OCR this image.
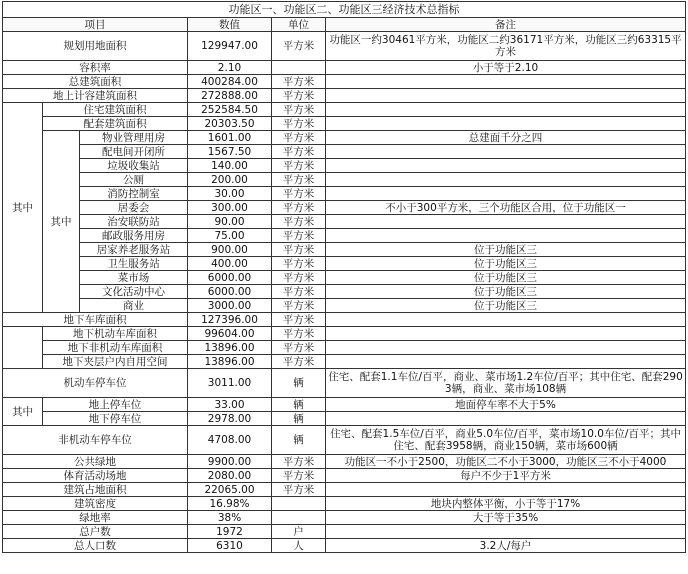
功能区一、功能区二、功能区三经济技术总指标					
项目			数值	单位	备注
规划用地面积			129947.00	平方米	功能区一约30461平方米，功能区二约36171平方米，功能区三约63315平方米
容积率			2.10		小于等于2.10
总建筑面积			400284.00	平方米	
地上计容建筑面积			272888.00	平方米	
其中	住宅建筑面积		252584.50	平方米	
	配套建筑面积		20303.50	平方米	
	其中	物业管理用房	1601.00	平方米	总建面千分之四
		配电间开闭所	1567.50	平方米	
		垃圾收集站	140.00	平方米	
		公厕	200.00	平方米	
		消防控制室	30.00	平方米	
		居委会	300.00	平方米	不小于300平方米，三个功能区合用，位于功能区一
		治安联防站	90.00	平方米	
		邮政服务用房	75.00	平方米	
		居家养老服务站	900.00	平方米	位于功能区三
		卫生服务站	400.00	平方米	位于功能区三
		菜市场	6000.00	平方米	位于功能区三
		文化活动中心	6000.00	平方米	位于功能区三
		商业	3000.00	平方米	位于功能区三
地下车库面积			127396.00	平方米	
	地下机动车库面积		99604.00	平方米	
	地下非机动车库面积		13896.00	平方米	
	地下夹层户内自用空间		13896.00	平方米	
机动车停车位			3011.00	辆	住宅、配套1.1车位/百平，商业、菜市场1.2车位/百平；其中住宅、配套2903辆，商业、菜市场108辆
其中	地上停车位		33.00	辆	地面停车率不大于5%
	地下停车位		2978.00	辆	
非机动车停车位			4708.00	辆	住宅、配套1.5车位/百平，商业5.0车位/百平，菜市场10.0车位/百平；其中住宅、配套3958辆，商业150辆，菜市场600辆
公共绿地			9900.00	平方米	功能区一不小于2500，功能区二不小于3000，功能区三不小于4000
体育活动场地			2080.00	平方米	每户不少于1平方米
建筑占地面积			22065.00	平方米	
建筑密度			16.98%		地块内整体平衡，小于等于17%
绿地率			38%		大于等于35%
总户数			1972	户	
总人口数			6310	人	3.2人/每户
